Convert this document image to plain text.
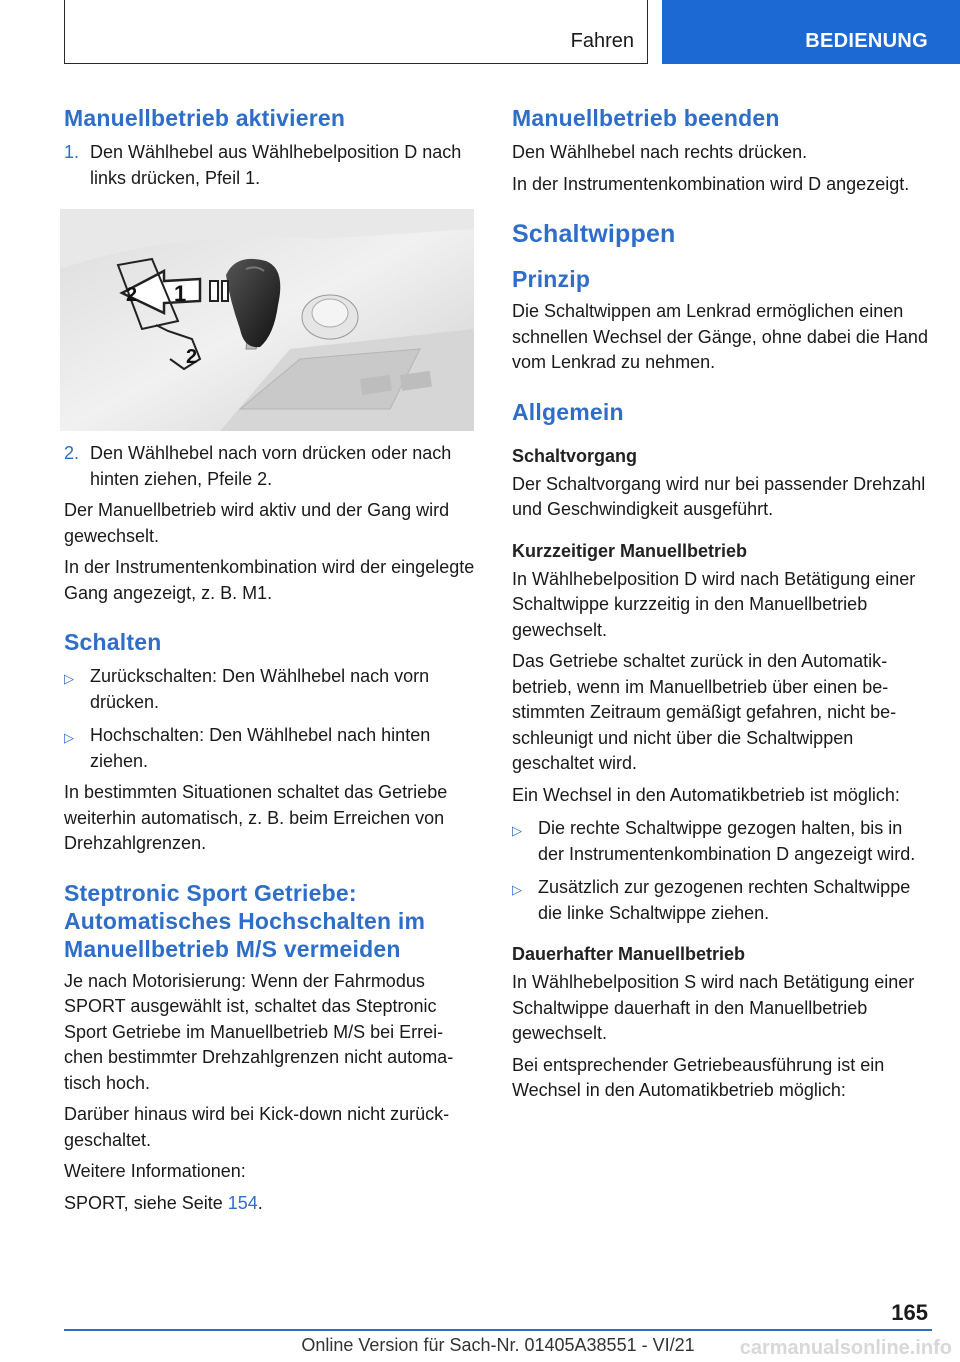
Fahren	BEDIENUNG
Manuellbetrieb aktivieren
1. Den Wählhebel aus Wählhebelposition D nach links drücken, Pfeil 1.
1
2
2
2. Den Wählhebel nach vorn drücken oder nach hinten ziehen, Pfeile 2.

Der Manuellbetrieb wird aktiv und der Gang wird gewechselt.

In der Instrumentenkombination wird der eingelegte Gang angezeigt, z. B. M1.

Schalten
▷ Zurückschalten: Den Wählhebel nach vorn drücken.
▷ Hochschalten: Den Wählhebel nach hinten ziehen.

In bestimmten Situationen schaltet das Getriebe weiterhin automatisch, z. B. beim Erreichen von Drehzahlgrenzen.

Steptronic Sport Getriebe: Automatisches Hochschalten im Manuellbetrieb M/S vermeiden

Je nach Motorisierung: Wenn der Fahrmodus SPORT ausgewählt ist, schaltet das Steptronic Sport Getriebe im Manuellbetrieb M/S bei Erreichen bestimmter Drehzahlgrenzen nicht automatisch hoch.

Darüber hinaus wird bei Kick-down nicht zurückgeschaltet.

Weitere Informationen:

SPORT, siehe Seite 154.

Manuellbetrieb beenden

Den Wählhebel nach rechts drücken.

In der Instrumentenkombination wird D angezeigt.

Schaltwippen
Prinzip

Die Schaltwippen am Lenkrad ermöglichen einen schnellen Wechsel der Gänge, ohne dabei die Hand vom Lenkrad zu nehmen.

Allgemein
Schaltvorgang

Der Schaltvorgang wird nur bei passender Drehzahl und Geschwindigkeit ausgeführt.

Kurzzeitiger Manuellbetrieb

In Wählhebelposition D wird nach Betätigung einer Schaltwippe kurzzeitig in den Manuellbetrieb gewechselt.

Das Getriebe schaltet zurück in den Automatikbetrieb, wenn im Manuellbetrieb über einen bestimmten Zeitraum gemäßigt gefahren, nicht beschleunigt und nicht über die Schaltwippen geschaltet wird.

Ein Wechsel in den Automatikbetrieb ist möglich:

▷ Die rechte Schaltwippe gezogen halten, bis in der Instrumentenkombination D angezeigt wird.
▷ Zusätzlich zur gezogenen rechten Schaltwippe die linke Schaltwippe ziehen.
Dauerhafter Manuellbetrieb

In Wählhebelposition S wird nach Betätigung einer Schaltwippe dauerhaft in den Manuellbetrieb gewechselt.

Bei entsprechender Getriebeausführung ist ein Wechsel in den Automatikbetrieb möglich:

165
Online Version für Sach-Nr. 01405A38551 - VI/21	carmanualsonline.info
